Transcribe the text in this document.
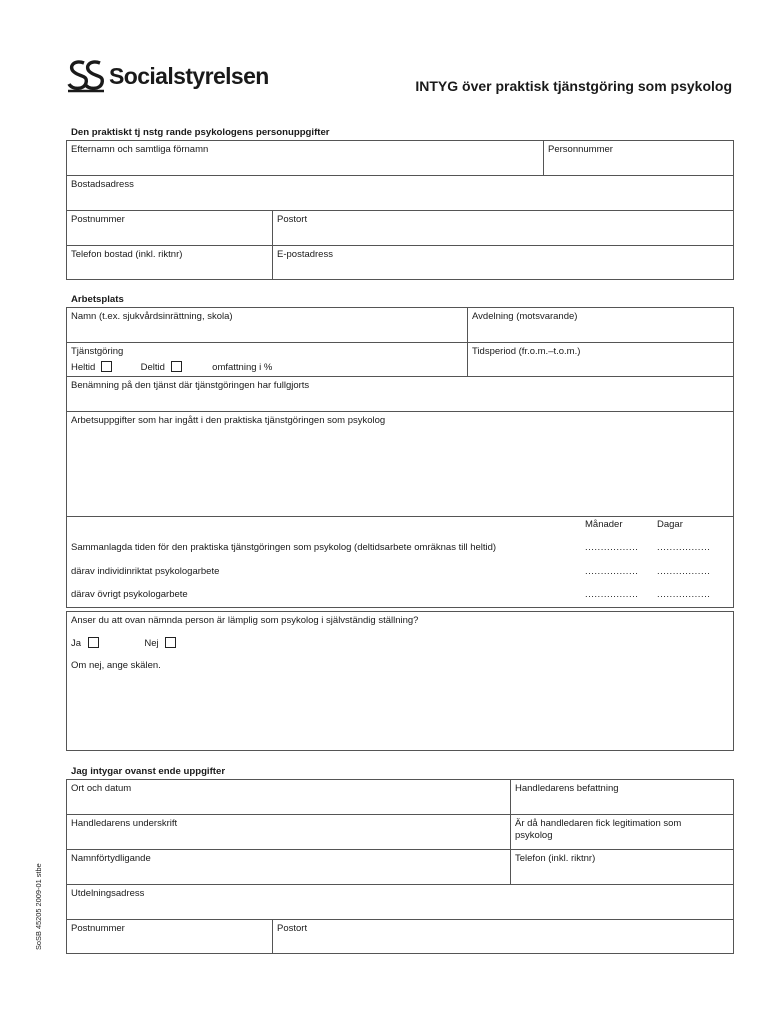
Socialstyrelsen	INTYG över praktisk tjänstgöring som psykolog
Den praktiskt tj nstg rande psykologens personuppgifter
Efternamn och samtliga förnamn	Personnummer
Bostadsadress
Postnummer	Postort
Telefon bostad (inkl. riktnr)	E-postadress
Arbetsplats
Namn (t.ex. sjukvårdsinrättning, skola)	Avdelning (motsvarande)
Tjänstgöring
Heltid	Deltid	omfattning i %
Tidsperiod (fr.o.m.–t.o.m.)
Benämning på den tjänst där tjänstgöringen har fullgjorts
Arbetsuppgifter som har ingått i den praktiska tjänstgöringen som psykolog
Månader	Dagar
Sammanlagda tiden för den praktiska tjänstgöringen som psykolog (deltidsarbete omräknas till heltid)	................. .................
därav individinriktat psykologarbete	................. .................
därav övrigt psykologarbete	................. .................
Anser du att ovan nämnda person är lämplig som psykolog i självständig ställning?
Ja	Nej
Om nej, ange skälen.
Jag intygar ovanst ende uppgifter
Ort och datum	Handledarens befattning
Handledarens underskrift	Är då handledaren fick legitimation som psykolog
Namnförtydligande	Telefon (inkl. riktnr)
Utdelningsadress
Postnummer	Postort
SoSB 45205 2009-01 stbe
